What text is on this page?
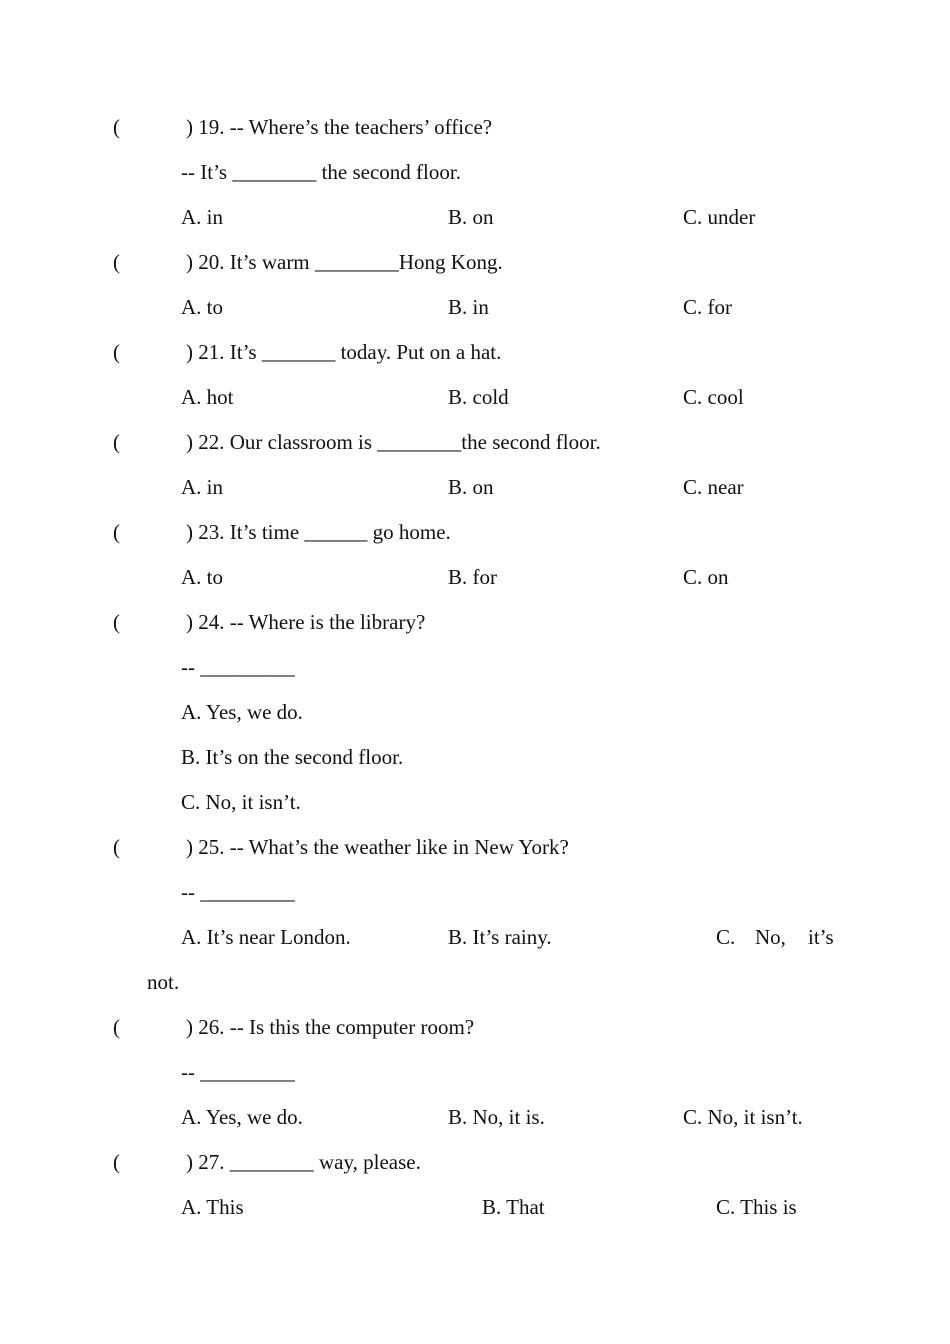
(	) 19. -- Where’s the teachers’ office?
-- It’s ________ the second floor.
A. in	B. on	C. under
(	) 20. It’s warm ________Hong Kong.
A. to	B. in	C. for
(	) 21. It’s _______ today. Put on a hat.
A. hot	B. cold	C. cool
(	) 22. Our classroom is ________the second floor.
A. in	B. on	C. near
(	) 23. It’s time ______ go home.
A. to	B. for	C. on
(	) 24. -- Where is the library?
-- _________
A. Yes, we do.
B. It’s on the second floor.
C. No, it isn’t.
(	) 25. -- What’s the weather like in New York?
-- _________
A. It’s near London.	B. It’s rainy.	C. No, it’s
not.
(	) 26. -- Is this the computer room?
-- _________
A. Yes, we do.	B. No, it is.	C. No, it isn’t.
(	) 27. ________ way, please.
A. This	B. That	C. This is
